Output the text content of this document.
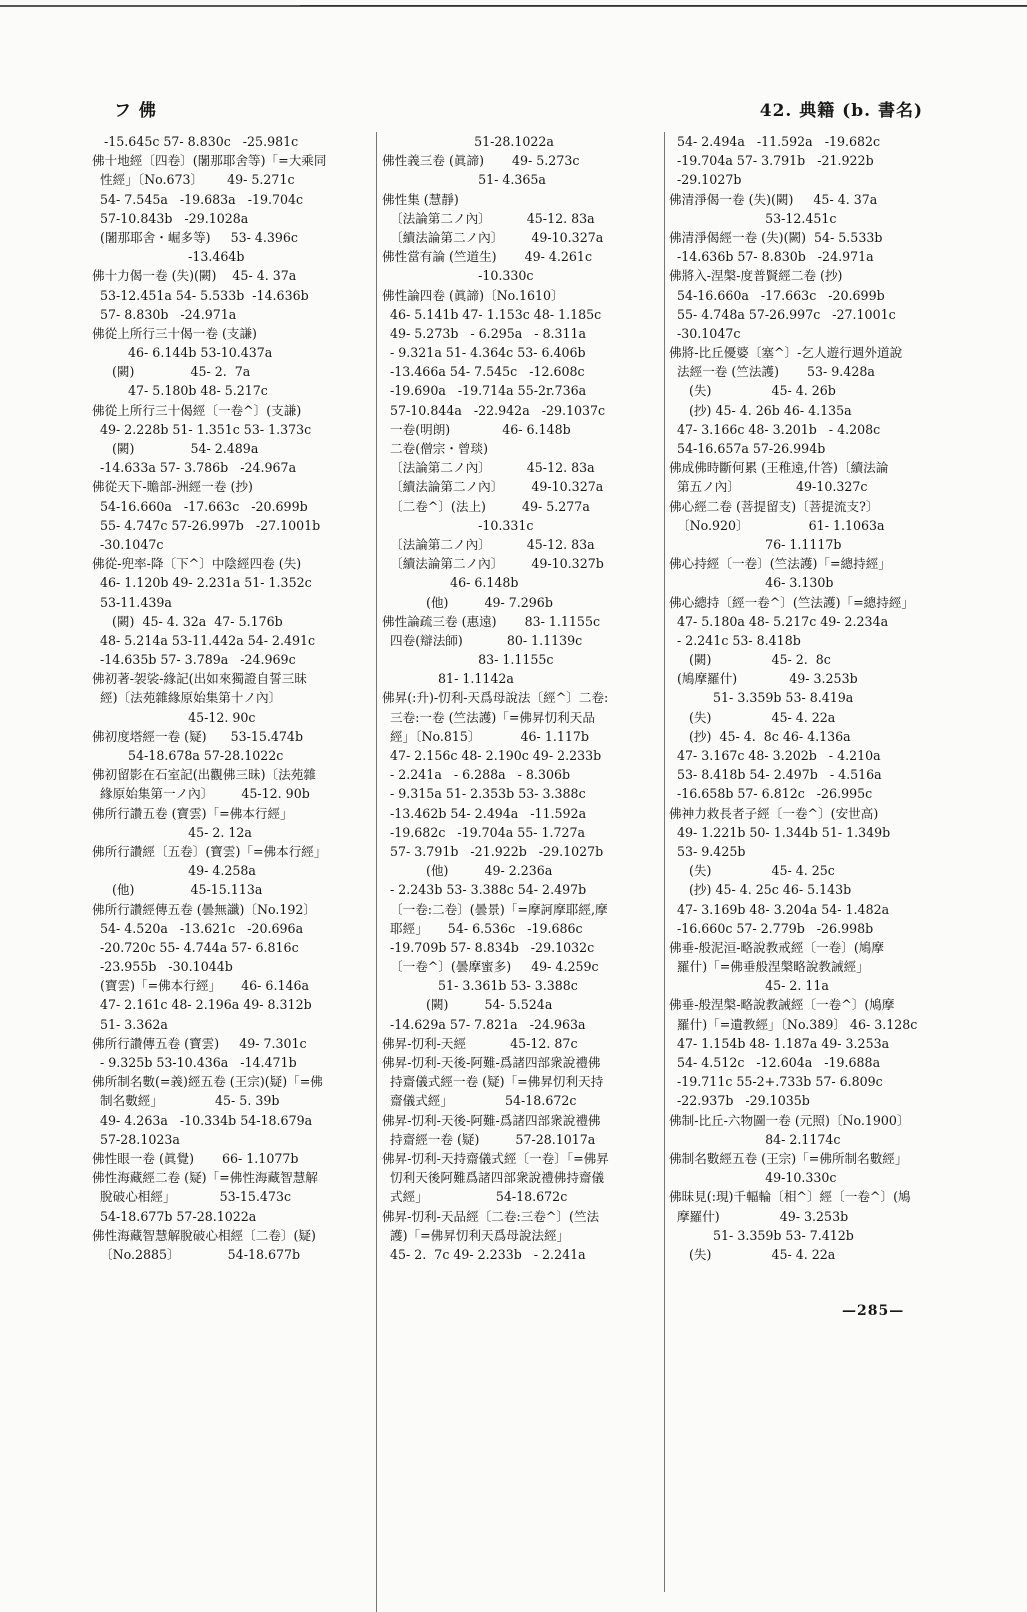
フ 佛	42. 典籍 (b. 書名)
-15.645c 57- 8.830c   -25.981c
佛十地經〔四卷〕(闍那耶舍等)「=大乘同
性經」〔No.673〕      49- 5.271c
54- 7.545a   -19.683a   -19.704c
57-10.843b   -29.1028a
(闍那耶舍・崛多等)     53- 4.396c
-13.464b
佛十力偈一卷 (失)(闕)    45- 4. 37a
53-12.451a 54- 5.533b  -14.636b
57- 8.830b   -24.971a
佛從上所行三十偈一卷 (支謙)
46- 6.144b 53-10.437a
(闕)              45- 2.  7a
47- 5.180b 48- 5.217c
佛從上所行三十偈經〔一卷^〕(支謙)
49- 2.228b 51- 1.351c 53- 1.373c
(闕)              54- 2.489a
-14.633a 57- 3.786b   -24.967a
佛從天下-贍部-洲經一卷 (抄)
54-16.660a   -17.663c   -20.699b
55- 4.747c 57-26.997b   -27.1001b
-30.1047c
佛從-兜率-降〔下^〕中陰經四卷 (失)
46- 1.120b 49- 2.231a 51- 1.352c
53-11.439a
(闕)  45- 4. 32a  47- 5.176b
48- 5.214a 53-11.442a 54- 2.491c
-14.635b 57- 3.789a   -24.969c
佛初著-袈裟-緣記(出如來獨證自誓三昧
經)〔法苑雜緣原始集第十ノ內〕
45-12. 90c
佛初度塔經一卷 (疑)      53-15.474b
54-18.678a 57-28.1022c
佛初留影在石室記(出觀佛三昧)〔法苑雜
緣原始集第一ノ內〕       45-12. 90b
佛所行讚五卷 (寶雲)「=佛本行經」
45- 2. 12a
佛所行讚經〔五卷〕(寶雲)「=佛本行經」
49- 4.258a
(他)              45-15.113a
佛所行讚經傳五卷 (曇無讖)〔No.192〕
54- 4.520a   -13.621c   -20.696a
-20.720c 55- 4.744a 57- 6.816c
-23.955b   -30.1044b
(寶雲)「=佛本行經」     46- 6.146a
47- 2.161c 48- 2.196a 49- 8.312b
51- 3.362a
佛所行讚傳五卷 (寶雲)     49- 7.301c
- 9.325b 53-10.436a   -14.471b
佛所制名數(=義)經五卷 (王宗)(疑)「=佛
制名數經」             45- 5. 39b
49- 4.263a   -10.334b 54-18.679a
57-28.1023a
佛性眼一卷 (眞覺)       66- 1.1077b
佛性海藏經二卷 (疑)「=佛性海藏智慧解
脫破心相經」           53-15.473c
54-18.677b 57-28.1022a
佛性海藏智慧解脫破心相經〔二卷〕(疑)
〔No.2885〕            54-18.677b
51-28.1022a
佛性義三卷 (眞諦)       49- 5.273c
51- 4.365a
佛性集 (慧靜)
〔法論第二ノ內〕         45-12. 83a
〔續法論第二ノ內〕       49-10.327a
佛性當有論 (竺道生)       49- 4.261c
-10.330c
佛性論四卷 (眞諦)〔No.1610〕
46- 5.141b 47- 1.153c 48- 1.185c
49- 5.273b   - 6.295a   - 8.311a
- 9.321a 51- 4.364c 53- 6.406b
-13.466a 54- 7.545c   -12.608c
-19.690a   -19.714a 55-2r.736a
57-10.844a   -22.942a   -29.1037c
一卷(明朗)             46- 6.148b
二卷(僧宗・曾琰)
〔法論第二ノ內〕         45-12. 83a
〔續法論第二ノ內〕       49-10.327a
〔二卷^〕(法上)         49- 5.277a
-10.331c
〔法論第二ノ內〕         45-12. 83a
〔續法論第二ノ內〕       49-10.327b
46- 6.148b
(他)         49- 7.296b
佛性論疏三卷 (惠遠)       83- 1.1155c
四卷(辯法師)           80- 1.1139c
83- 1.1155c
81- 1.1142a
佛昇(:升)-忉利-天爲母說法〔經^〕二卷:
三卷:一卷 (竺法護)「=佛昇忉利天品
經」〔No.815〕          46- 1.117b
47- 2.156c 48- 2.190c 49- 2.233b
- 2.241a   - 6.288a   - 8.306b
- 9.315a 51- 2.353b 53- 3.388c
-13.462b 54- 2.494a   -11.592a
-19.682c   -19.704a 55- 1.727a
57- 3.791b   -21.922b   -29.1027b
(他)         49- 2.236a
- 2.243b 53- 3.388c 54- 2.497b
〔一卷:二卷〕(曇景)「=摩訶摩耶經,摩
耶經」     54- 6.536c   -19.686c
-19.709b 57- 8.834b   -29.1032c
〔一卷^〕(曇摩蜜多)     49- 4.259c
51- 3.361b 53- 3.388c
(闕)         54- 5.524a
-14.629a 57- 7.821a   -24.963a
佛昇-忉利-天經           45-12. 87c
佛昇-忉利-天後-阿難-爲諸四部衆說禮佛
持齋儀式經一卷 (疑)「=佛昇忉利天持
齋儀式經」             54-18.672c
佛昇-忉利-天後-阿難-爲諸四部衆說禮佛
持齋經一卷 (疑)         57-28.1017a
佛昇-忉利-天持齋儀式經〔一卷〕「=佛昇
忉利天後阿難爲諸四部衆說禮佛持齋儀
式經」                 54-18.672c
佛昇-忉利-天品經〔二卷:三卷^〕(竺法
護)「=佛昇忉利天爲母說法經」
45- 2.  7c 49- 2.233b   - 2.241a
54- 2.494a   -11.592a   -19.682c
-19.704a 57- 3.791b   -21.922b
-29.1027b
佛清淨偈一卷 (失)(闕)     45- 4. 37a
53-12.451c
佛清淨偈經一卷 (失)(闕)  54- 5.533b
-14.636b 57- 8.830b   -24.971a
佛將入-涅槃-度普賢經二卷 (抄)
54-16.660a   -17.663c   -20.699b
55- 4.748a 57-26.997c   -27.1001c
-30.1047c
佛將-比丘優婆〔塞^〕-乞人遊行週外道說
法經一卷 (竺法護)       53- 9.428a
(失)               45- 4. 26b
(抄) 45- 4. 26b 46- 4.135a
47- 3.166c 48- 3.201b   - 4.208c
54-16.657a 57-26.994b
佛成佛時斷何累 (王稚遠,什答)〔續法論
第五ノ內〕              49-10.327c
佛心經二卷 (菩提留支)〔菩提流支?〕
〔No.920〕               61- 1.1063a
76- 1.1117b
佛心持經〔一卷〕(竺法護)「=總持經」
46- 3.130b
佛心總持〔經一卷^〕(竺法護)「=總持經」
47- 5.180a 48- 5.217c 49- 2.234a
- 2.241c 53- 8.418b
(闕)               45- 2.  8c
(鳩摩羅什)             49- 3.253b
51- 3.359b 53- 8.419a
(失)               45- 4. 22a
(抄)  45- 4.  8c 46- 4.136a
47- 3.167c 48- 3.202b   - 4.210a
53- 8.418b 54- 2.497b   - 4.516a
-16.658b 57- 6.812c   -26.995c
佛神力救長者子經〔一卷^〕(安世高)
49- 1.221b 50- 1.344b 51- 1.349b
53- 9.425b
(失)               45- 4. 25c
(抄) 45- 4. 25c 46- 5.143b
47- 3.169b 48- 3.204a 54- 1.482a
-16.660c 57- 2.779b   -26.998b
佛垂-般泥洹-略說教戒經〔一卷〕(鳩摩
羅什)「=佛垂般涅槃略說教誡經」
45- 2. 11a
佛垂-般涅槃-略說教誡經〔一卷^〕(鳩摩
羅什)「=遺教經」〔No.389〕 46- 3.128c
47- 1.154b 48- 1.187a 49- 3.253a
54- 4.512c   -12.604a   -19.688a
-19.711c 55-2+.733b 57- 6.809c
-22.937b   -29.1035b
佛制-比丘-六物圖一卷 (元照)〔No.1900〕
84- 2.1174c
佛制名數經五卷 (王宗)「=佛所制名數經」
49-10.330c
佛昧見(:現)千輻輪〔相^〕經〔一卷^〕(鳩
摩羅什)               49- 3.253b
51- 3.359b 53- 7.412b
(失)               45- 4. 22a
—285—
